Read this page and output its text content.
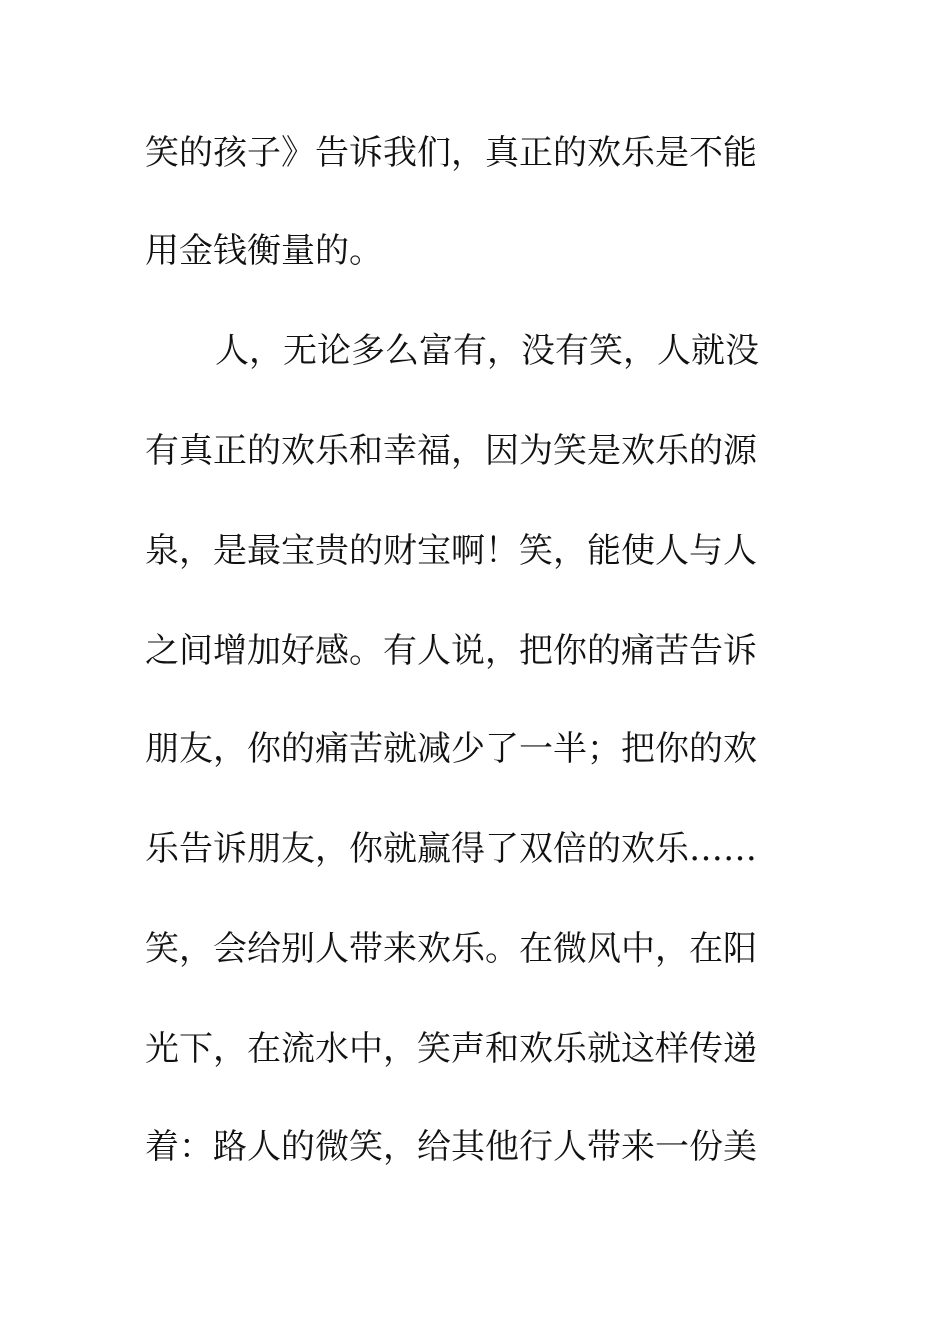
笑的孩子》告诉我们，真正的欢乐是不能
用金钱衡量的。
人，无论多么富有，没有笑，人就没
有真正的欢乐和幸福，因为笑是欢乐的源
泉，是最宝贵的财宝啊！笑，能使人与人
之间增加好感。有人说，把你的痛苦告诉
朋友，你的痛苦就减少了一半；把你的欢
乐告诉朋友，你就赢得了双倍的欢乐……
笑，会给别人带来欢乐。在微风中，在阳
光下，在流水中，笑声和欢乐就这样传递
着：路人的微笑，给其他行人带来一份美
